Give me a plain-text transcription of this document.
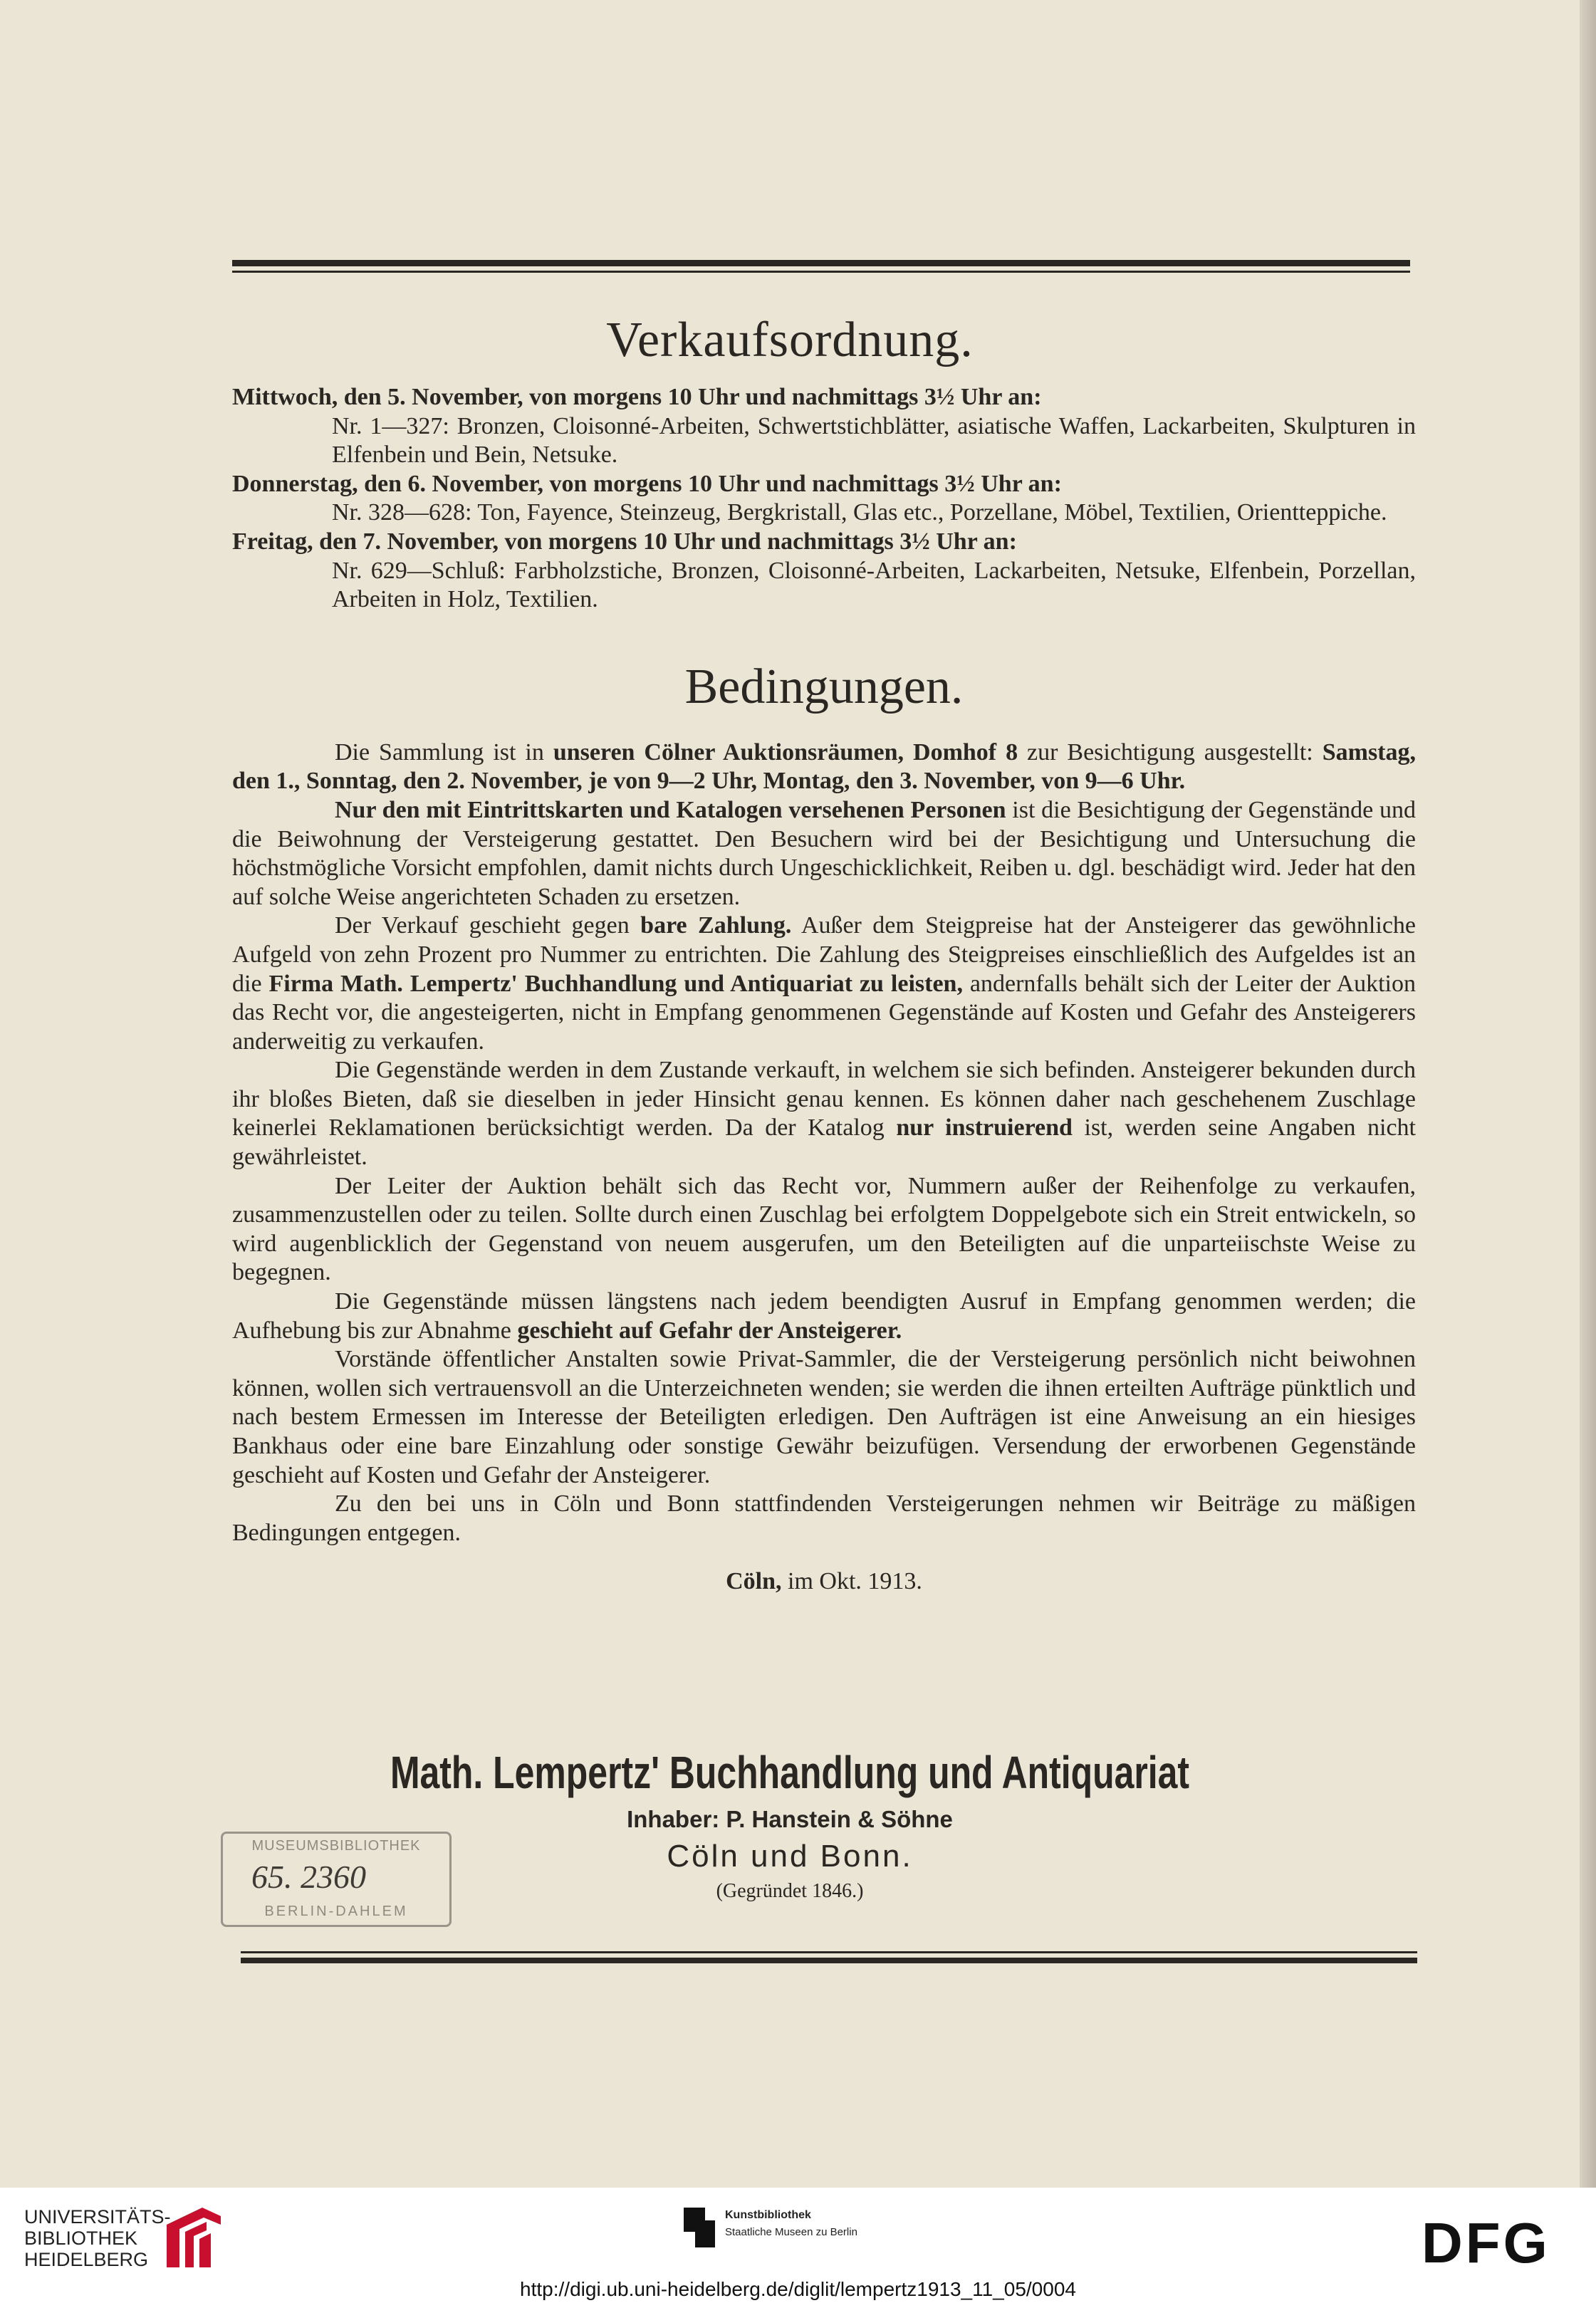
Verkaufsordnung.

Mittwoch, den 5. November, von morgens 10 Uhr und nachmittags 3½ Uhr an:

Nr. 1—327: Bronzen, Cloisonné-Arbeiten, Schwertstichblätter, asiatische Waffen, Lackarbeiten, Skulpturen in Elfenbein und Bein, Netsuke.

Donnerstag, den 6. November, von morgens 10 Uhr und nachmittags 3½ Uhr an:

Nr. 328—628: Ton, Fayence, Steinzeug, Bergkristall, Glas etc., Porzellane, Möbel, Textilien, Orientteppiche.

Freitag, den 7. November, von morgens 10 Uhr und nachmittags 3½ Uhr an:

Nr. 629—Schluß: Farbholzstiche, Bronzen, Cloisonné-Arbeiten, Lackarbeiten, Netsuke, Elfenbein, Porzellan, Arbeiten in Holz, Textilien.

Bedingungen.

Die Sammlung ist in unseren Cölner Auktionsräumen, Domhof 8 zur Besichtigung ausgestellt: Samstag, den 1., Sonntag, den 2. November, je von 9—2 Uhr, Montag, den 3. November, von 9—6 Uhr.

Nur den mit Eintrittskarten und Katalogen versehenen Personen ist die Besichtigung der Gegenstände und die Beiwohnung der Versteigerung gestattet. Den Besuchern wird bei der Besichtigung und Untersuchung die höchstmögliche Vorsicht empfohlen, damit nichts durch Ungeschicklichkeit, Reiben u. dgl. beschädigt wird. Jeder hat den auf solche Weise angerichteten Schaden zu ersetzen.

Der Verkauf geschieht gegen bare Zahlung. Außer dem Steigpreise hat der Ansteigerer das gewöhnliche Aufgeld von zehn Prozent pro Nummer zu entrichten. Die Zahlung des Steigpreises einschließlich des Aufgeldes ist an die Firma Math. Lempertz' Buchhandlung und Antiquariat zu leisten, andernfalls behält sich der Leiter der Auktion das Recht vor, die angesteigerten, nicht in Empfang genommenen Gegenstände auf Kosten und Gefahr des Ansteigerers anderweitig zu verkaufen.

Die Gegenstände werden in dem Zustande verkauft, in welchem sie sich befinden. Ansteigerer bekunden durch ihr bloßes Bieten, daß sie dieselben in jeder Hinsicht genau kennen. Es können daher nach geschehenem Zuschlage keinerlei Reklamationen berücksichtigt werden. Da der Katalog nur instruierend ist, werden seine Angaben nicht gewährleistet.

Der Leiter der Auktion behält sich das Recht vor, Nummern außer der Reihenfolge zu verkaufen, zusammenzustellen oder zu teilen. Sollte durch einen Zuschlag bei erfolgtem Doppelgebote sich ein Streit entwickeln, so wird augenblicklich der Gegenstand von neuem ausgerufen, um den Beteiligten auf die unparteiischste Weise zu begegnen.

Die Gegenstände müssen längstens nach jedem beendigten Ausruf in Empfang genommen werden; die Aufhebung bis zur Abnahme geschieht auf Gefahr der Ansteigerer.

Vorstände öffentlicher Anstalten sowie Privat-Sammler, die der Versteigerung persönlich nicht beiwohnen können, wollen sich vertrauensvoll an die Unterzeichneten wenden; sie werden die ihnen erteilten Aufträge pünktlich und nach bestem Ermessen im Interesse der Beteiligten erledigen. Den Aufträgen ist eine Anweisung an ein hiesiges Bankhaus oder eine bare Einzahlung oder sonstige Gewähr beizufügen. Versendung der erworbenen Gegenstände geschieht auf Kosten und Gefahr der Ansteigerer.

Zu den bei uns in Cöln und Bonn stattfindenden Versteigerungen nehmen wir Beiträge zu mäßigen Bedingungen entgegen.

Cöln, im Okt. 1913.

Math. Lempertz' Buchhandlung und Antiquariat
Inhaber: P. Hanstein & Söhne
Cöln und Bonn.
(Gegründet 1846.)
MUSEUMSBIBLIOTHEK
65. 2360
BERLIN-DAHLEM
UNIVERSITÄTS-
BIBLIOTHEK
HEIDELBERG
Kunstbibliothek
Staatliche Museen zu Berlin	DFG
http://digi.ub.uni-heidelberg.de/diglit/lempertz1913_11_05/0004
